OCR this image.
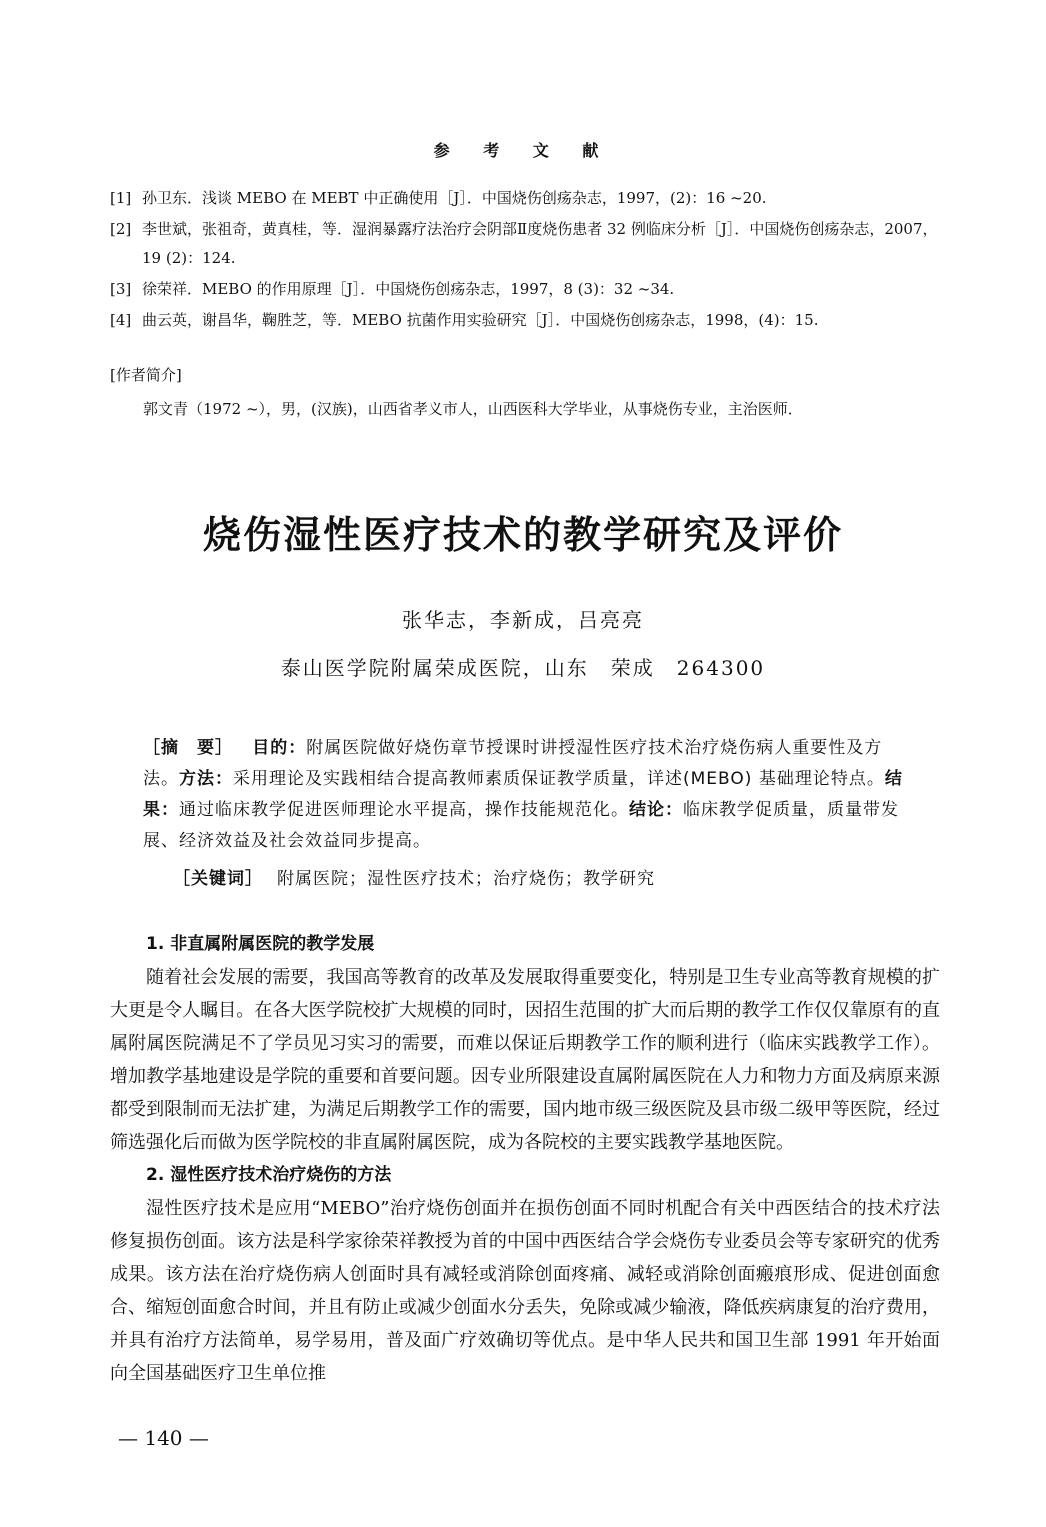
参 考 文 献
[1] 孙卫东．浅谈 MEBO 在 MEBT 中正确使用［J］．中国烧伤创疡杂志，1997，(2)：16 ~20.
[2] 李世斌，张祖奇，黄真桂，等．湿润暴露疗法治疗会阴部Ⅱ度烧伤患者 32 例临床分析［J］．中国烧伤创疡杂志，2007，19 (2)：124.
[3] 徐荣祥．MEBO 的作用原理［J］．中国烧伤创疡杂志，1997，8 (3)：32 ~34.
[4] 曲云英，谢昌华，鞠胜芝，等．MEBO 抗菌作用实验研究［J］．中国烧伤创疡杂志，1998，(4)：15.
[作者简介]
郭文青（1972 ~），男，(汉族)，山西省孝义市人，山西医科大学毕业，从事烧伤专业，主治医师．
烧伤湿性医疗技术的教学研究及评价
张华志，李新成，吕亮亮
泰山医学院附属荣成医院，山东　荣成　264300
［摘　要］ 目的：附属医院做好烧伤章节授课时讲授湿性医疗技术治疗烧伤病人重要性及方法。方法：采用理论及实践相结合提高教师素质保证教学质量，详述(MEBO) 基础理论特点。结果：通过临床教学促进医师理论水平提高，操作技能规范化。结论：临床教学促质量，质量带发展、经济效益及社会效益同步提高。
［关键词］ 附属医院；湿性医疗技术；治疗烧伤；教学研究
1. 非直属附属医院的教学发展
随着社会发展的需要，我国高等教育的改革及发展取得重要变化，特别是卫生专业高等教育规模的扩大更是令人瞩目。在各大医学院校扩大规模的同时，因招生范围的扩大而后期的教学工作仅仅靠原有的直属附属医院满足不了学员见习实习的需要，而难以保证后期教学工作的顺利进行（临床实践教学工作）。增加教学基地建设是学院的重要和首要问题。因专业所限建设直属附属医院在人力和物力方面及病原来源都受到限制而无法扩建，为满足后期教学工作的需要，国内地市级三级医院及县市级二级甲等医院，经过筛选强化后而做为医学院校的非直属附属医院，成为各院校的主要实践教学基地医院。
2. 湿性医疗技术治疗烧伤的方法
湿性医疗技术是应用“MEBO”治疗烧伤创面并在损伤创面不同时机配合有关中西医结合的技术疗法修复损伤创面。该方法是科学家徐荣祥教授为首的中国中西医结合学会烧伤专业委员会等专家研究的优秀成果。该方法在治疗烧伤病人创面时具有减轻或消除创面疼痛、减轻或消除创面瘢痕形成、促进创面愈合、缩短创面愈合时间，并且有防止或减少创面水分丢失，免除或减少输液，降低疾病康复的治疗费用，并具有治疗方法简单，易学易用，普及面广疗效确切等优点。是中华人民共和国卫生部 1991 年开始面向全国基础医疗卫生单位推
— 140 —
